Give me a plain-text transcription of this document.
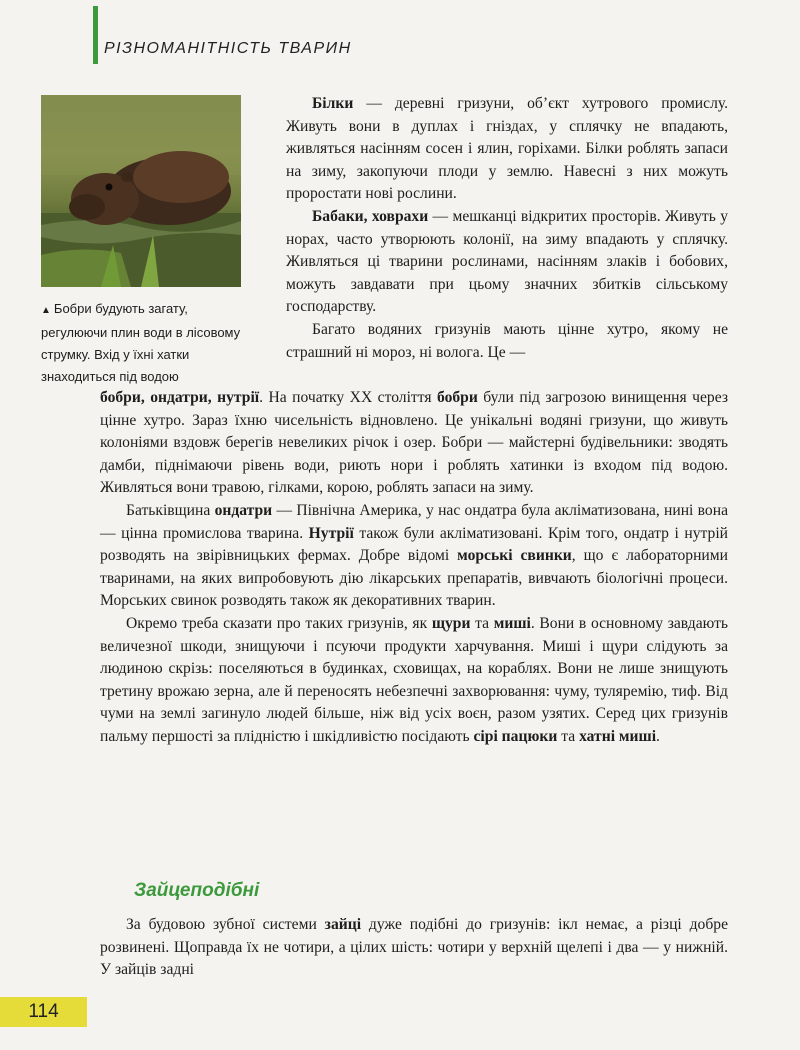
РІЗНОМАНІТНІСТЬ ТВАРИН
▲ Бобри будують загату, регулюючи плин води в лісовому струмку. Вхід у їхні хатки знаходиться під водою

Білки — деревні гризуни, об’єкт хутрового промислу. Живуть вони в дуплах і гніздах, у сплячку не впадають, живляться насінням сосен і ялин, горіхами. Білки роблять запаси на зиму, закопуючи плоди у землю. Навесні з них можуть проростати нові рослини.

Бабаки, ховрахи — мешканці відкритих просторів. Живуть у норах, часто утворюють колонії, на зиму впадають у сплячку. Живляться ці тварини рослинами, насінням злаків і бобових, можуть завдавати при цьому значних збитків сільському господарству.

Багато водяних гризунів мають цінне хутро, якому не страшний ні мороз, ні волога. Це —

бобри, ондатри, нутрії. На початку ХХ століття бобри були під загрозою винищення через цінне хутро. Зараз їхню чисельність відновлено. Це унікальні водяні гризуни, що живуть колоніями вздовж берегів невеликих річок і озер. Бобри — майстерні будівельники: зводять дамби, піднімаючи рівень води, риють нори і роблять хатинки із входом під водою. Живляться вони травою, гілками, корою, роблять запаси на зиму.

Батьківщина ондатри — Північна Америка, у нас ондатра була акліматизована, нині вона — цінна промислова тварина. Нутрії також були акліматизовані. Крім того, ондатр і нутрій розводять на звірівницьких фермах. Добре відомі морські свинки, що є лабораторними тваринами, на яких випробовують дію лікарських препаратів, вивчають біологічні процеси. Морських свинок розводять також як декоративних тварин.

Окремо треба сказати про таких гризунів, як щури та миші. Вони в основному завдають величезної шкоди, знищуючи і псуючи продукти харчування. Миші і щури слідують за людиною скрізь: поселяються в будинках, сховищах, на кораблях. Вони не лише знищують третину врожаю зерна, але й переносять небезпечні захворювання: чуму, туляремію, тиф. Від чуми на землі загинуло людей більше, ніж від усіх воєн, разом узятих. Серед цих гризунів пальму першості за плідністю і шкідливістю посідають сірі пацюки та хатні миші.

Зайцеподібні

За будовою зубної системи зайці дуже подібні до гризунів: ікл немає, а різці добре розвинені. Щоправда їх не чотири, а цілих шість: чотири у верхній щелепі і два — у нижній. У зайців задні

114
